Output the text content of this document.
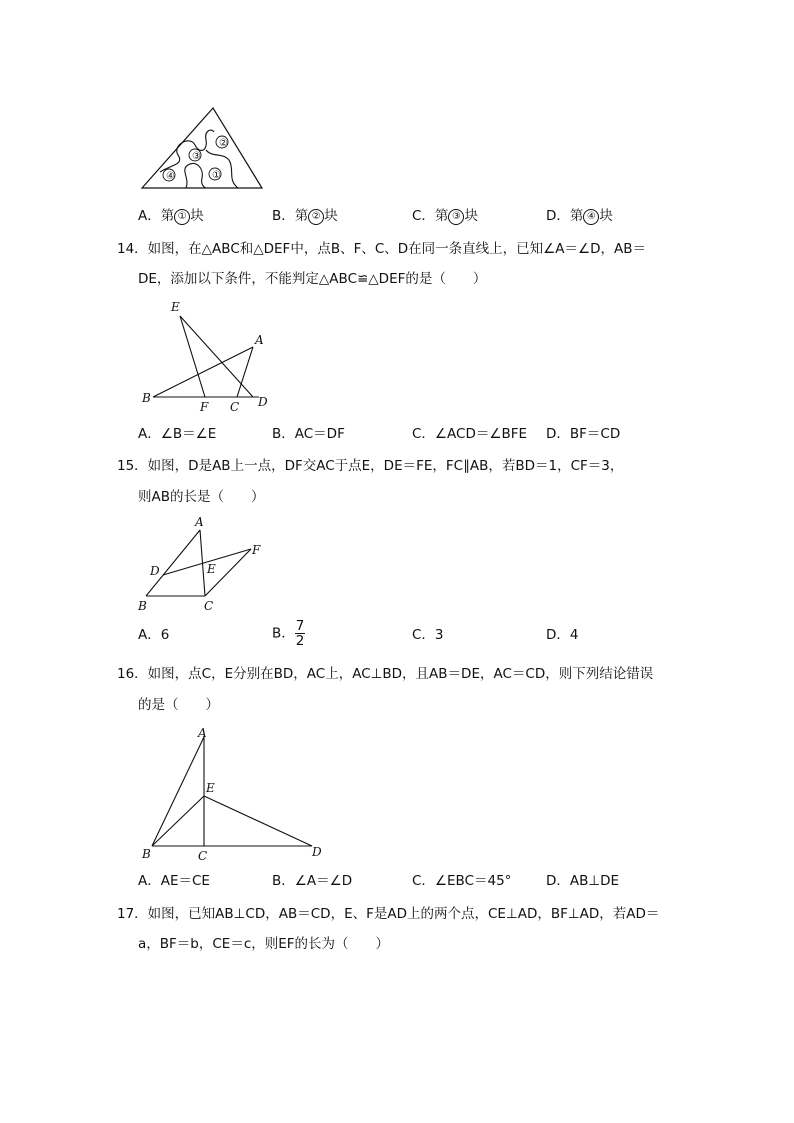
④
③
②
①
A．第 ① 块	B．第 ② 块	C．第 ③ 块	D．第 ④ 块
14．如图，在△ABC和△DEF中，点B、F、C、D在同一条直线上，已知∠A＝∠D，AB＝
DE，添加以下条件，不能判定△ABC≌△DEF的是（　　）
E
A
B
F C D
A．∠B＝∠E	B．AC＝DF	C．∠ACD＝∠BFE D．BF＝CD
15．如图，D是AB上一点，DF交AC于点E，DE＝FE，FC∥AB，若BD＝1，CF＝3，
则AB的长是（　　）
A
F
D	E
B	C
A．6	B． $\frac{7}{2}$	C．3	D．4
16．如图，点C，E分别在BD，AC上，AC⊥BD，且AB＝DE，AC＝CD，则下列结论错误
的是（　　）
A
E
B	C	D
A．AE＝CE	B．∠A＝∠D	C．∠EBC＝45°	D．AB⊥DE
17．如图，已知AB⊥CD，AB＝CD，E、F是AD上的两个点，CE⊥AD，BF⊥AD，若AD＝
a，BF＝b，CE＝c，则EF的长为（　　）
